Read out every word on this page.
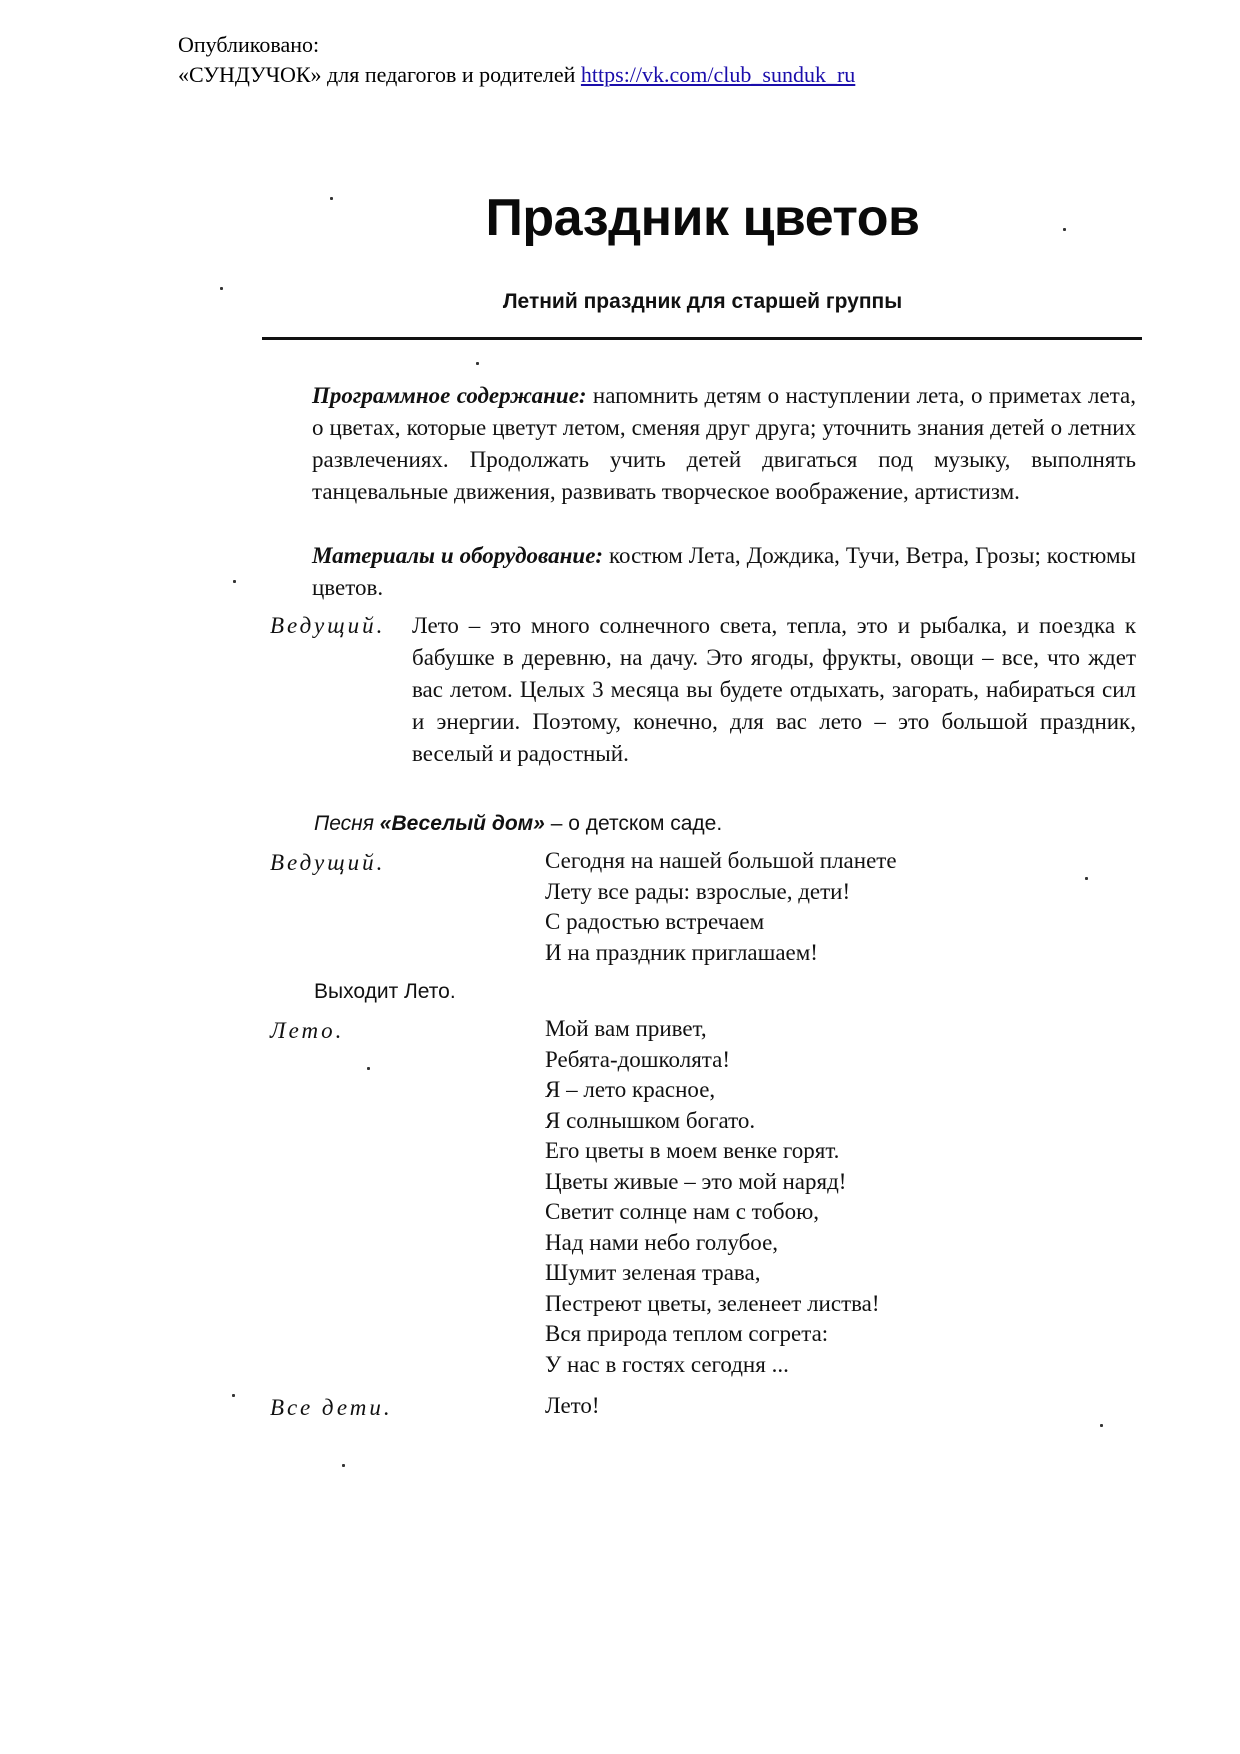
Опубликовано:
«СУНДУЧОК» для педагогов и родителей https://vk.com/club_sunduk_ru
Праздник цветов
Летний праздник для старшей группы
Программное содержание: напомнить детям о наступлении лета, о приметах лета, о цветах, которые цветут летом, сменяя друг друга; уточнить знания детей о летних развлечениях. Продолжать учить детей двигаться под музыку, выполнять танцевальные движения, развивать творческое воображение, артистизм.
Материалы и оборудование: костюм Лета, Дождика, Тучи, Ветра, Грозы; костюмы цветов.
Ведущий. Лето – это много солнечного света, тепла, это и рыбалка, и поездка к бабушке в деревню, на дачу. Это ягоды, фрукты, овощи – все, что ждет вас летом. Целых 3 месяца вы будете отдыхать, загорать, набираться сил и энергии. Поэтому, конечно, для вас лето – это большой праздник, веселый и радостный.
Песня «Веселый дом» – о детском саде.
Ведущий.	Сегодня на нашей большой планете
Лету все рады: взрослые, дети!
С радостью встречаем
И на праздник приглашаем!
Выходит Лето.
Лето.	Мой вам привет,
Ребята-дошколята!
Я – лето красное,
Я солнышком богато.
Его цветы в моем венке горят.
Цветы живые – это мой наряд!
Светит солнце нам с тобою,
Над нами небо голубое,
Шумит зеленая трава,
Пестреют цветы, зеленеет листва!
Вся природа теплом согрета:
У нас в гостях сегодня ...
Все дети.	Лето!
